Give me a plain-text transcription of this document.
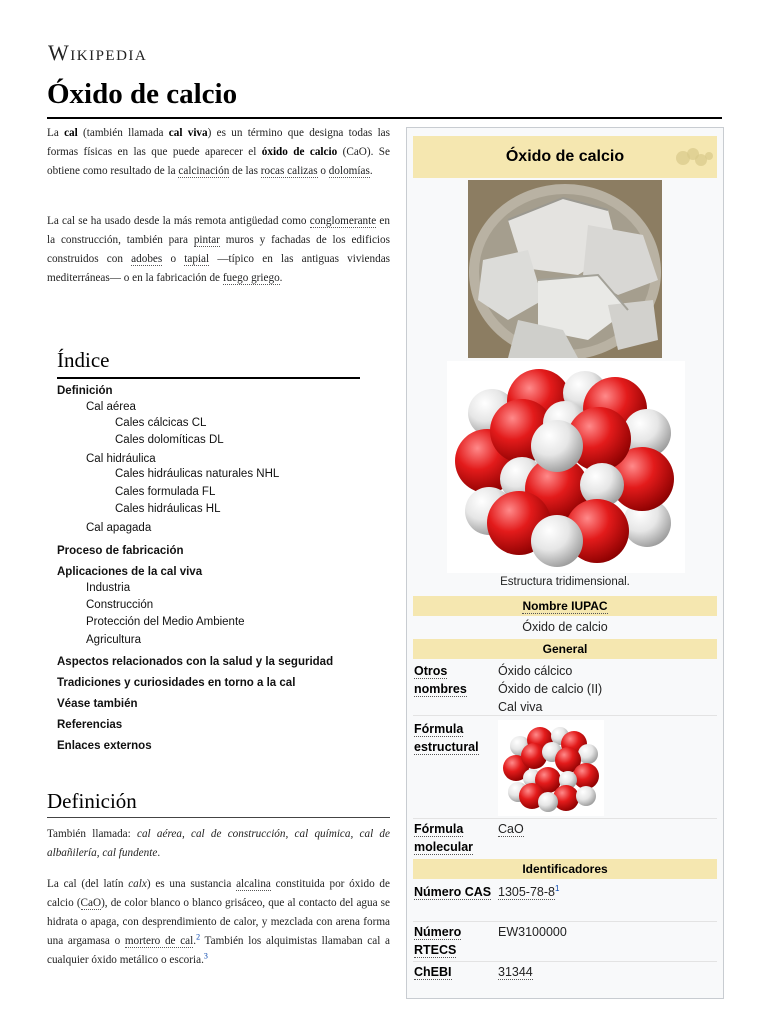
Wikipedia
Óxido de calcio

La cal (también llamada cal viva) es un término que designa todas las formas físicas en las que puede aparecer el óxido de calcio (CaO). Se obtiene como resultado de la calcinación de las rocas calizas o dolomías.

La cal se ha usado desde la más remota antigüedad como conglomerante en la construcción, también para pintar muros y fachadas de los edificios construidos con adobes o tapial —típico en las antiguas viviendas mediterráneas— o en la fabricación de fuego griego.

Índice
Definición
Cal aérea
Cales cálcicas CL
Cales dolomíticas DL
Cal hidráulica
Cales hidráulicas naturales NHL
Cales formulada FL
Cales hidráulicas HL
Cal apagada
Proceso de fabricación
Aplicaciones de la cal viva
Industria
Construcción
Protección del Medio Ambiente
Agricultura
Aspectos relacionados con la salud y la seguridad
Tradiciones y curiosidades en torno a la cal
Véase también
Referencias
Enlaces externos
Definición

También llamada: cal aérea, cal de construcción, cal química, cal de albañilería, cal fundente.

La cal (del latín calx) es una sustancia alcalina constituida por óxido de calcio (CaO), de color blanco o blanco grisáceo, que al contacto del agua se hidrata o apaga, con desprendimiento de calor, y mezclada con arena forma una argamasa o mortero de cal.$^2$ También los alquimistas llamaban cal a cualquier óxido metálico o escoria.$^3$

Óxido de calcio
Estructura tridimensional.
Nombre IUPAC
Óxido de calcio
General
Otros nombres
Óxido cálcico
Óxido de calcio (II)
Cal viva
Fórmula estructural
Fórmula molecular
CaO
Identificadores
Número CAS $1305-78-8^1$
Número RTECS
EW3100000
ChEBI	31344
